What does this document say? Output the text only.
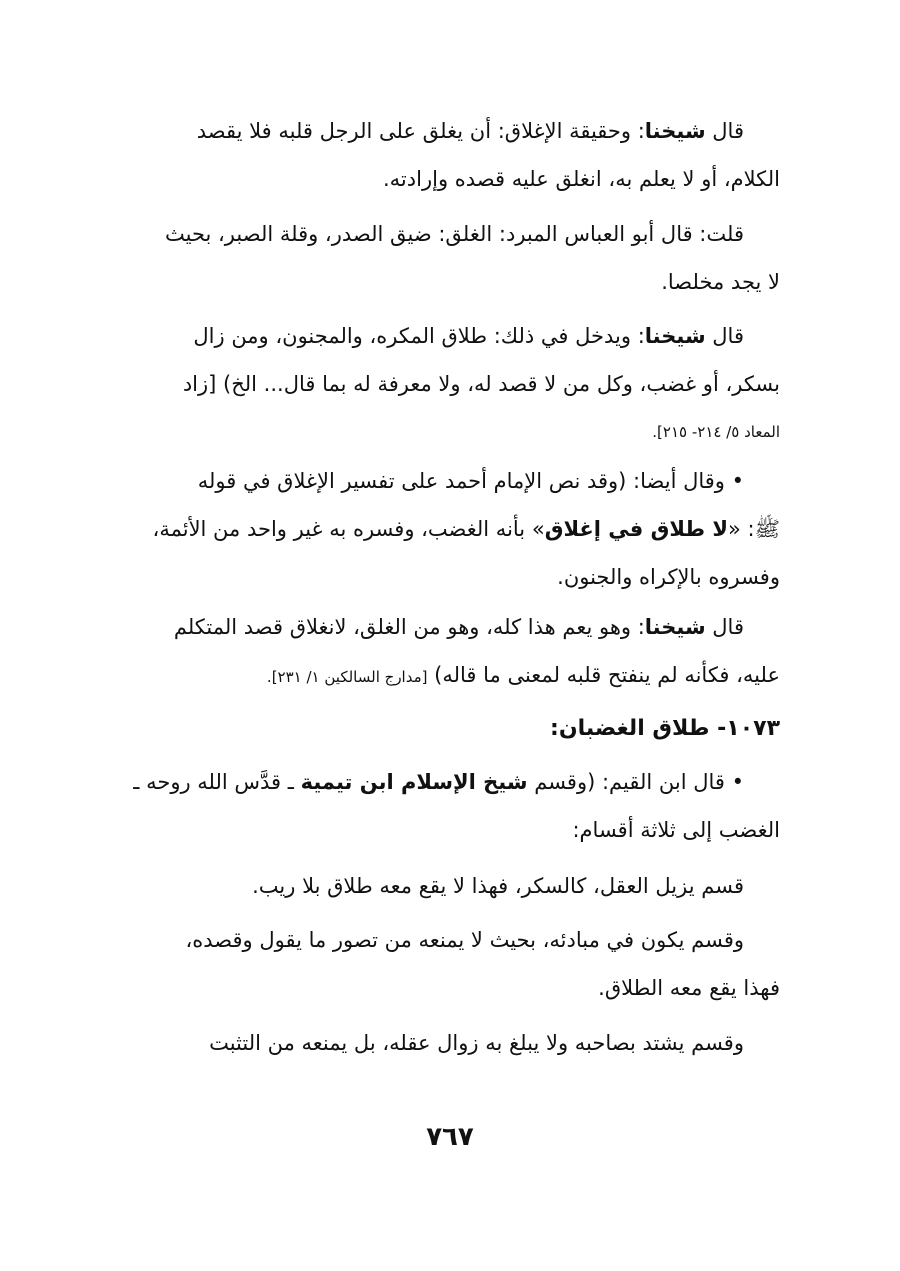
قال شيخنا: وحقيقة الإغلاق: أن يغلق على الرجل قلبه فلا يقصد
الكلام، أو لا يعلم به، انغلق عليه قصده وإرادته.
قلت: قال أبو العباس المبرد: الغلق: ضيق الصدر، وقلة الصبر، بحيث
لا يجد مخلصا.
قال شيخنا: ويدخل في ذلك: طلاق المكره، والمجنون، ومن زال
بسكر، أو غضب، وكل من لا قصد له، ولا معرفة له بما قال... الخ) [زاد
المعاد ٥/ ٢١٤- ٢١٥].
• وقال أيضا: (وقد نص الإمام أحمد على تفسير الإغلاق في قوله
ﷺ: «لا طلاق في إغلاق» بأنه الغضب، وفسره به غير واحد من الأئمة،
وفسروه بالإكراه والجنون.
قال شيخنا: وهو يعم هذا كله، وهو من الغلق، لانغلاق قصد المتكلم
عليه، فكأنه لم ينفتح قلبه لمعنى ما قاله) [مدارج السالكين ١/ ٢٣١].
١٠٧٣- طلاق الغضبان:
• قال ابن القيم: (وقسم شيخ الإسلام ابن تيمية ـ قدَّس الله روحه ـ
الغضب إلى ثلاثة أقسام:
قسم يزيل العقل، كالسكر، فهذا لا يقع معه طلاق بلا ريب.
وقسم يكون في مبادئه، بحيث لا يمنعه من تصور ما يقول وقصده،
فهذا يقع معه الطلاق.
وقسم يشتد بصاحبه ولا يبلغ به زوال عقله، بل يمنعه من التثبت
٧٦٧
